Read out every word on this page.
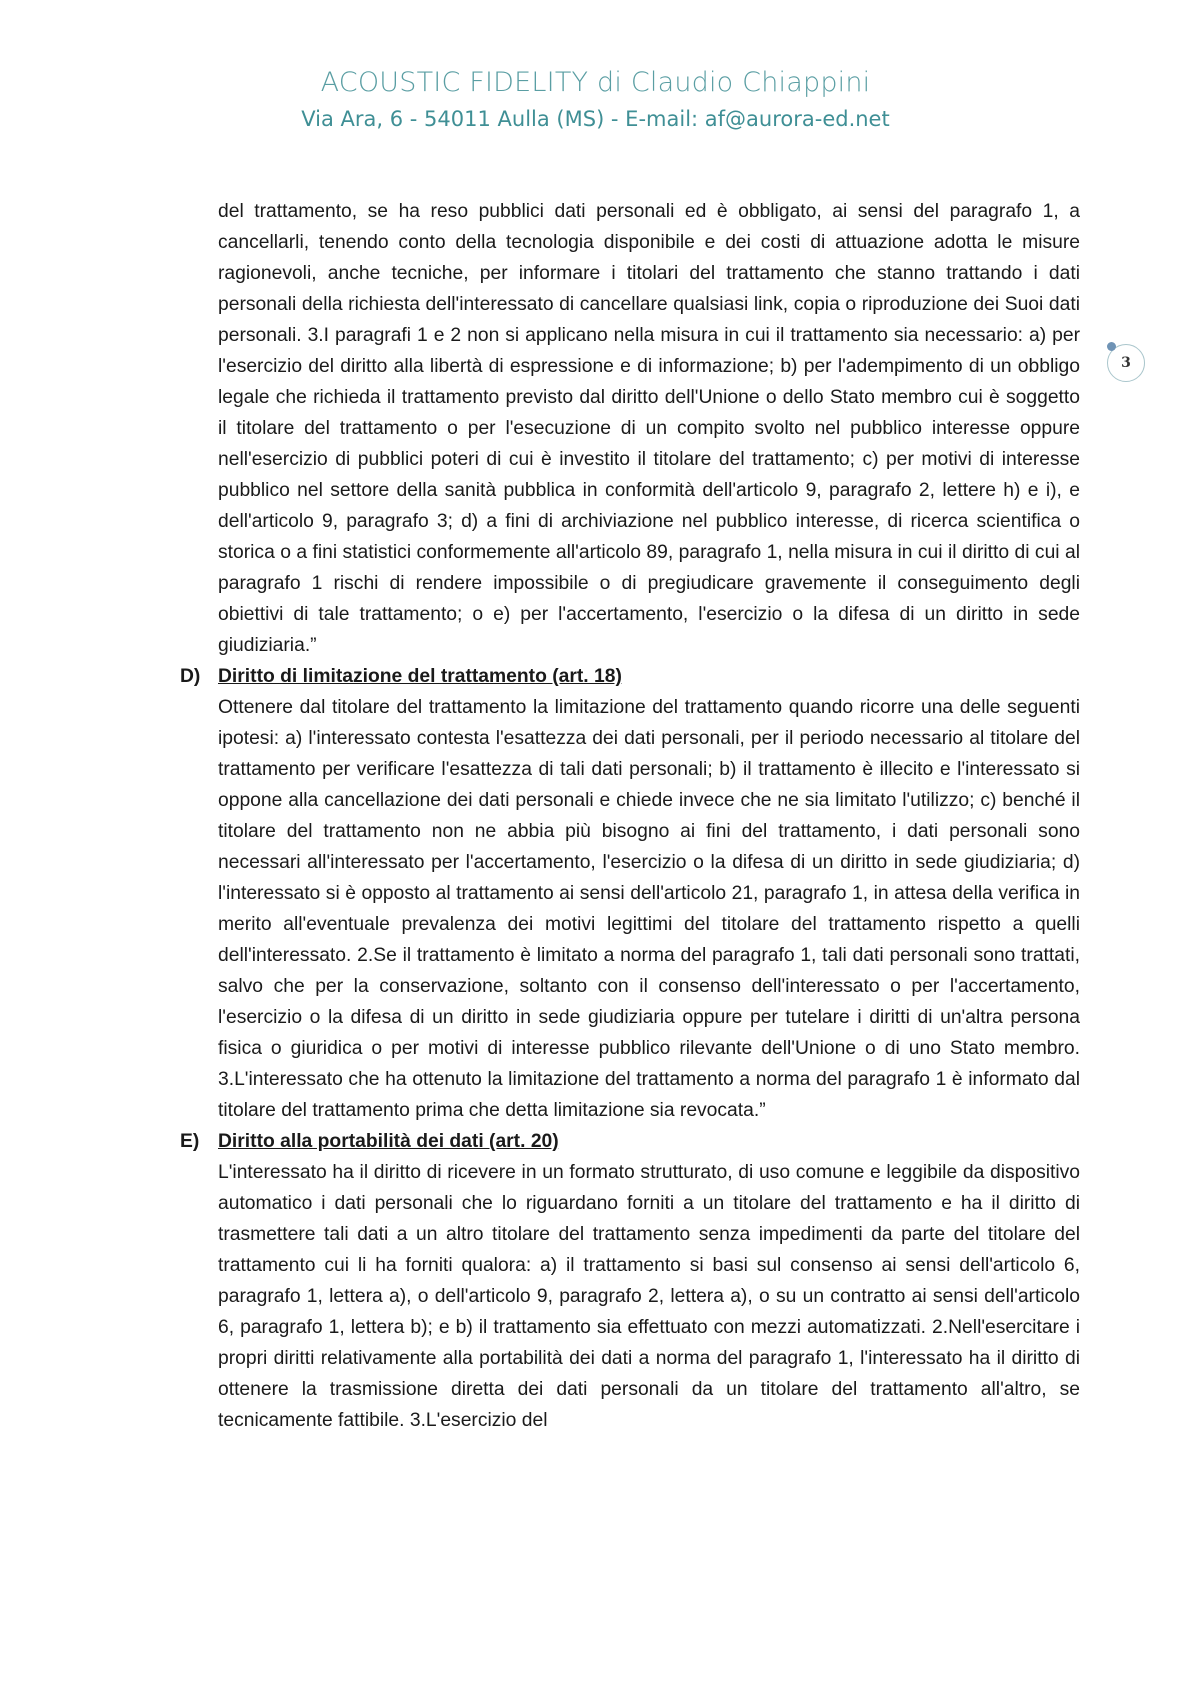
ACOUSTIC FIDELITY di Claudio Chiappini
Via Ara, 6 - 54011 Aulla (MS) - E-mail: af@aurora-ed.net
3

del trattamento, se ha reso pubblici dati personali ed è obbligato, ai sensi del paragrafo 1, a cancellarli, tenendo conto della tecnologia disponibile e dei costi di attuazione adotta le misure ragionevoli, anche tecniche, per informare i titolari del trattamento che stanno trattando i dati personali della richiesta dell'interessato di cancellare qualsiasi link, copia o riproduzione dei Suoi dati personali. 3.I paragrafi 1 e 2 non si applicano nella misura in cui il trattamento sia necessario: a) per l'esercizio del diritto alla libertà di espressione e di informazione; b) per l'adempimento di un obbligo legale che richieda il trattamento previsto dal diritto dell'Unione o dello Stato membro cui è soggetto il titolare del trattamento o per l'esecuzione di un compito svolto nel pubblico interesse oppure nell'esercizio di pubblici poteri di cui è investito il titolare del trattamento; c) per motivi di interesse pubblico nel settore della sanità pubblica in conformità dell'articolo 9, paragrafo 2, lettere h) e i), e dell'articolo 9, paragrafo 3; d) a fini di archiviazione nel pubblico interesse, di ricerca scientifica o storica o a fini statistici conformemente all'articolo 89, paragrafo 1, nella misura in cui il diritto di cui al paragrafo 1 rischi di rendere impossibile o di pregiudicare gravemente il conseguimento degli obiettivi di tale trattamento; o e) per l'accertamento, l'esercizio o la difesa di un diritto in sede giudiziaria.”

D) Diritto di limitazione del trattamento (art. 18)

Ottenere dal titolare del trattamento la limitazione del trattamento quando ricorre una delle seguenti ipotesi: a) l'interessato contesta l'esattezza dei dati personali, per il periodo necessario al titolare del trattamento per verificare l'esattezza di tali dati personali; b) il trattamento è illecito e l'interessato si oppone alla cancellazione dei dati personali e chiede invece che ne sia limitato l'utilizzo; c) benché il titolare del trattamento non ne abbia più bisogno ai fini del trattamento, i dati personali sono necessari all'interessato per l'accertamento, l'esercizio o la difesa di un diritto in sede giudiziaria; d) l'interessato si è opposto al trattamento ai sensi dell'articolo 21, paragrafo 1, in attesa della verifica in merito all'eventuale prevalenza dei motivi legittimi del titolare del trattamento rispetto a quelli dell'interessato. 2.Se il trattamento è limitato a norma del paragrafo 1, tali dati personali sono trattati, salvo che per la conservazione, soltanto con il consenso dell'interessato o per l'accertamento, l'esercizio o la difesa di un diritto in sede giudiziaria oppure per tutelare i diritti di un'altra persona fisica o giuridica o per motivi di interesse pubblico rilevante dell'Unione o di uno Stato membro. 3.L'interessato che ha ottenuto la limitazione del trattamento a norma del paragrafo 1 è informato dal titolare del trattamento prima che detta limitazione sia revocata.”

E) Diritto alla portabilità dei dati (art. 20)

L'interessato ha il diritto di ricevere in un formato strutturato, di uso comune e leggibile da dispositivo automatico i dati personali che lo riguardano forniti a un titolare del trattamento e ha il diritto di trasmettere tali dati a un altro titolare del trattamento senza impedimenti da parte del titolare del trattamento cui li ha forniti qualora: a) il trattamento si basi sul consenso ai sensi dell'articolo 6, paragrafo 1, lettera a), o dell'articolo 9, paragrafo 2, lettera a), o su un contratto ai sensi dell'articolo 6, paragrafo 1, lettera b); e b) il trattamento sia effettuato con mezzi automatizzati. 2.Nell'esercitare i propri diritti relativamente alla portabilità dei dati a norma del paragrafo 1, l'interessato ha il diritto di ottenere la trasmissione diretta dei dati personali da un titolare del trattamento all'altro, se tecnicamente fattibile. 3.L'esercizio del
